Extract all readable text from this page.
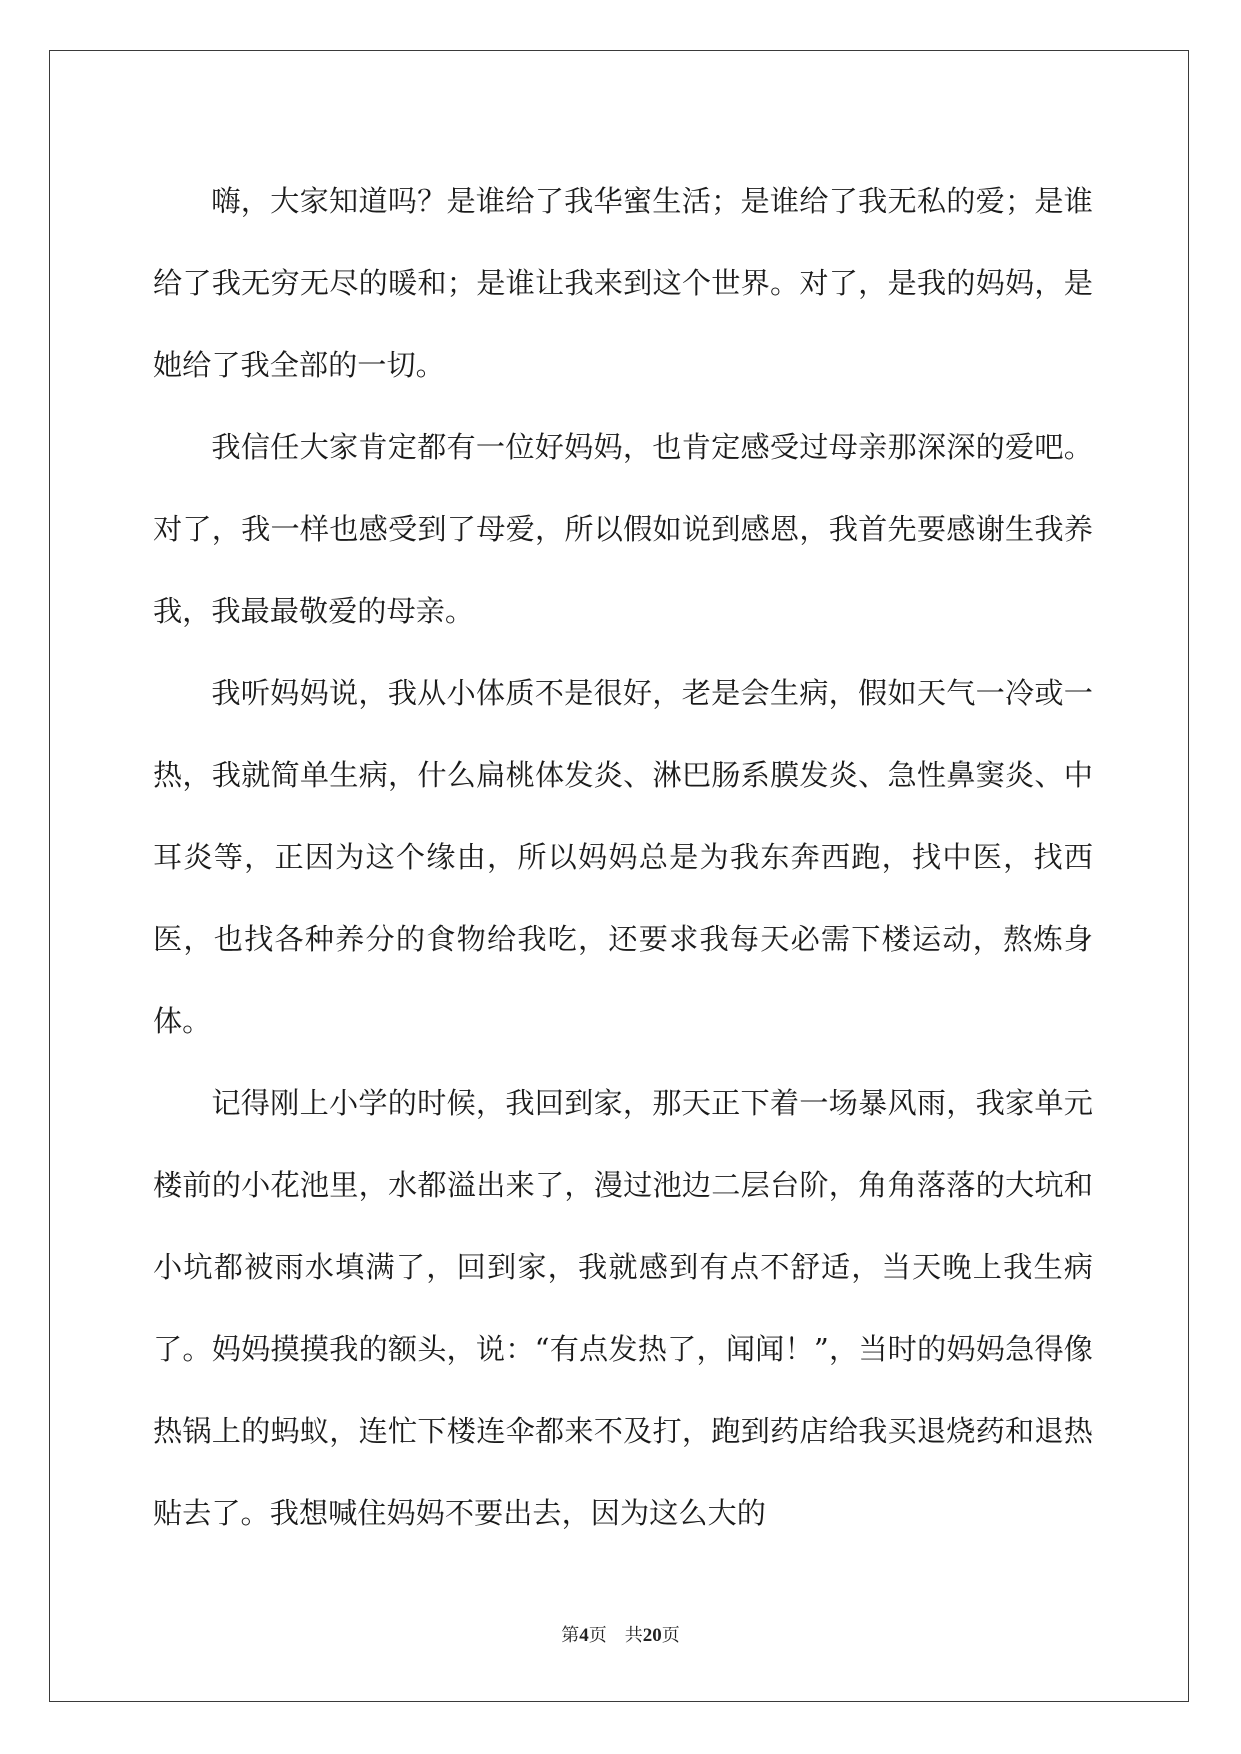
嗨，大家知道吗？是谁给了我华蜜生活；是谁给了我无私的爱；是谁给了我无穷无尽的暖和；是谁让我来到这个世界。对了，是我的妈妈，是她给了我全部的一切。

我信任大家肯定都有一位好妈妈，也肯定感受过母亲那深深的爱吧。对了，我一样也感受到了母爱，所以假如说到感恩，我首先要感谢生我养我，我最最敬爱的母亲。

我听妈妈说，我从小体质不是很好，老是会生病，假如天气一冷或一热，我就简单生病，什么扁桃体发炎、淋巴肠系膜发炎、急性鼻窦炎、中耳炎等，正因为这个缘由，所以妈妈总是为我东奔西跑，找中医，找西医，也找各种养分的食物给我吃，还要求我每天必需下楼运动，熬炼身体。

记得刚上小学的时候，我回到家，那天正下着一场暴风雨，我家单元楼前的小花池里，水都溢出来了，漫过池边二层台阶，角角落落的大坑和小坑都被雨水填满了，回到家，我就感到有点不舒适，当天晚上我生病了。妈妈摸摸我的额头，说：“有点发热了，闻闻！”，当时的妈妈急得像热锅上的蚂蚁，连忙下楼连伞都来不及打，跑到药店给我买退烧药和退热贴去了。我想喊住妈妈不要出去，因为这么大的

第4页 共20页
